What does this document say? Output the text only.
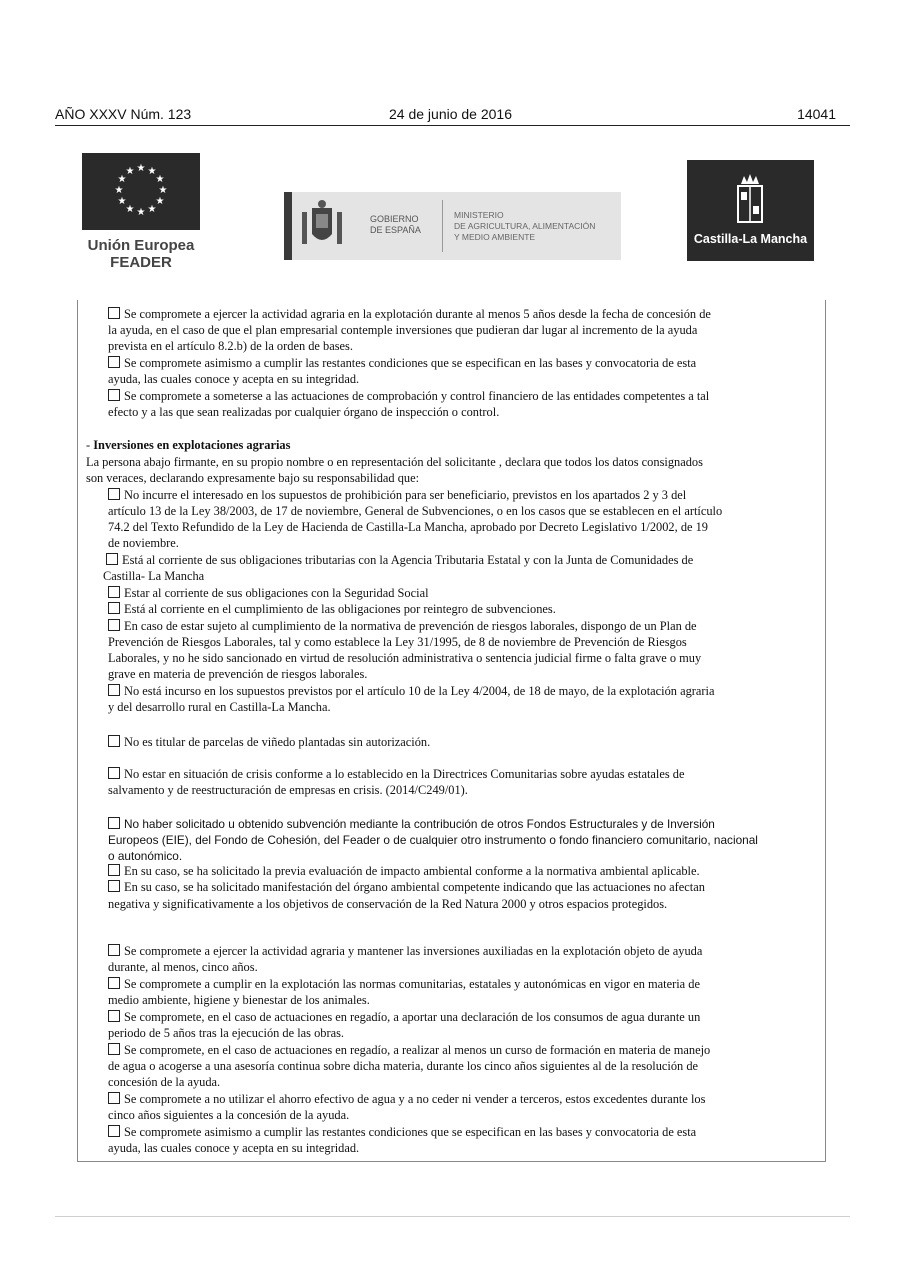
AÑO XXXV Núm. 123	24 de junio de 2016	14041
★ ★
★
★
★
★
★
★
★
★
★
★
Unión Europea
FEADER
GOBIERNO
DE ESPAÑA
MINISTERIO
DE AGRICULTURA, ALIMENTACIÓN
Y MEDIO AMBIENTE	Castilla-La Mancha
Se compromete a ejercer la actividad agraria en la explotación durante al menos 5 años desde la fecha de concesión de
la ayuda, en el caso de que el plan empresarial contemple inversiones que pudieran dar lugar al incremento de la ayuda
prevista en el artículo 8.2.b) de la orden de bases.
Se compromete asimismo a cumplir las restantes condiciones que se especifican en las bases y convocatoria de esta
ayuda, las cuales conoce y acepta en su integridad.
Se compromete a someterse a las actuaciones de comprobación y control financiero de las entidades competentes a tal
efecto y a las que sean realizadas por cualquier órgano de inspección o control.
- Inversiones en explotaciones agrarias
La persona abajo firmante, en su propio nombre o en representación del solicitante , declara que todos los datos consignados
son veraces, declarando expresamente bajo su responsabilidad que:
No incurre el interesado en los supuestos de prohibición para ser beneficiario, previstos en los apartados 2 y 3 del
artículo 13 de la Ley 38/2003, de 17 de noviembre, General de Subvenciones, o en los casos que se establecen en el artículo
74.2 del Texto Refundido de la Ley de Hacienda de Castilla-La Mancha, aprobado por Decreto Legislativo 1/2002, de 19
de noviembre.
Está al corriente de sus obligaciones tributarias con la Agencia Tributaria Estatal y con la Junta de Comunidades de
Castilla- La Mancha
Estar al corriente de sus obligaciones con la Seguridad Social
Está al corriente en el cumplimiento de las obligaciones por reintegro de subvenciones.
En caso de estar sujeto al cumplimiento de la normativa de prevención de riesgos laborales, dispongo de un Plan de
Prevención de Riesgos Laborales, tal y como establece la Ley 31/1995, de 8 de noviembre de Prevención de Riesgos
Laborales, y no he sido sancionado en virtud de resolución administrativa o sentencia judicial firme o falta grave o muy
grave en materia de prevención de riesgos laborales.
No está incurso en los supuestos previstos por el artículo 10 de la Ley 4/2004, de 18 de mayo, de la explotación agraria
y del desarrollo rural en Castilla-La Mancha.
No es titular de parcelas de viñedo plantadas sin autorización.
No estar en situación de crisis conforme a lo establecido en la Directrices Comunitarias sobre ayudas estatales de
salvamento y de reestructuración de empresas en crisis. (2014/C249/01).
No haber solicitado u obtenido subvención mediante la contribución de otros Fondos Estructurales y de Inversión
Europeos (EIE), del Fondo de Cohesión, del Feader o de cualquier otro instrumento o fondo financiero comunitario, nacional
o autonómico.
En su caso, se ha solicitado la previa evaluación de impacto ambiental conforme a la normativa ambiental aplicable.
En su caso, se ha solicitado manifestación del órgano ambiental competente indicando que las actuaciones no afectan
negativa y significativamente a los objetivos de conservación de la Red Natura 2000 y otros espacios protegidos.
Se compromete a ejercer la actividad agraria y mantener las inversiones auxiliadas en la explotación objeto de ayuda
durante, al menos, cinco años.
Se compromete a cumplir en la explotación las normas comunitarias, estatales y autonómicas en vigor en materia de
medio ambiente, higiene y bienestar de los animales.
Se compromete, en el caso de actuaciones en regadío, a aportar una declaración de los consumos de agua durante un
periodo de 5 años tras la ejecución de las obras.
Se compromete, en el caso de actuaciones en regadío, a realizar al menos un curso de formación en materia de manejo
de agua o acogerse a una asesoría continua sobre dicha materia, durante los cinco años siguientes al de la resolución de
concesión de la ayuda.
Se compromete a no utilizar el ahorro efectivo de agua y a no ceder ni vender a terceros, estos excedentes durante los
cinco años siguientes a la concesión de la ayuda.
Se compromete asimismo a cumplir las restantes condiciones que se especifican en las bases y convocatoria de esta
ayuda, las cuales conoce y acepta en su integridad.
